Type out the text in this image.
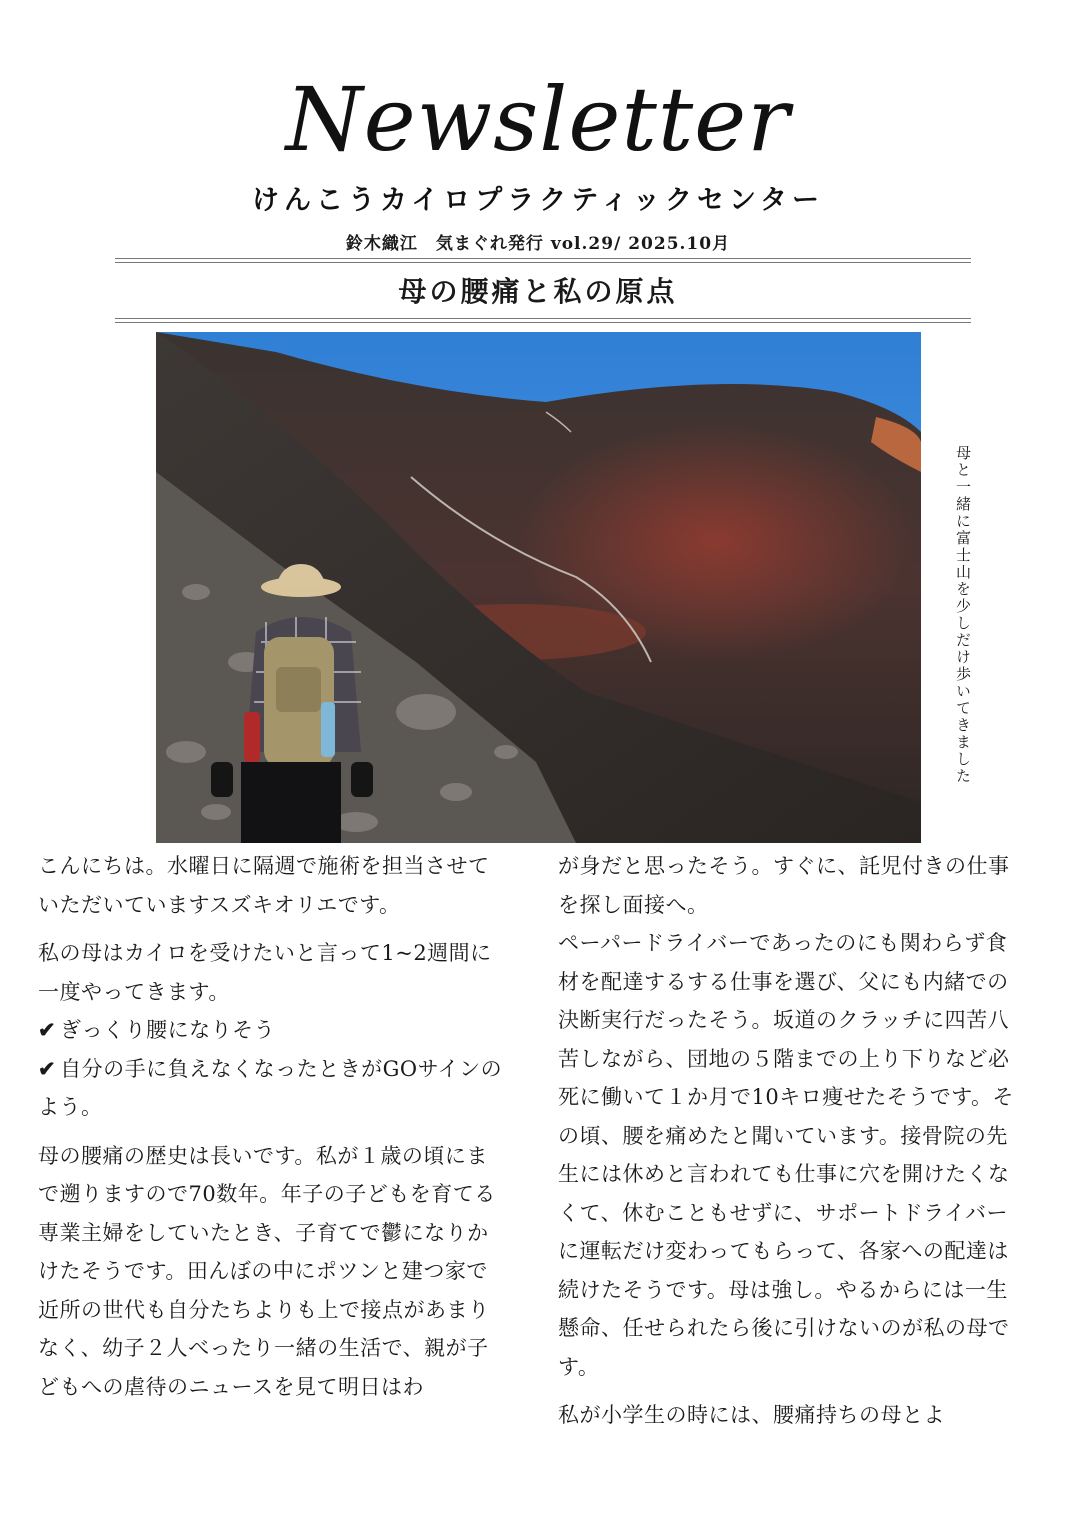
Newsletter
けんこうカイロプラクティックセンター
鈴木織江　気まぐれ発行 vol.29/ 2025.10月
母の腰痛と私の原点
母と一緒に富士山を少しだけ歩いてきました

こんにちは。水曜日に隔週で施術を担当させていただいていますスズキオリエです。

私の母はカイロを受けたいと言って1~2週間に一度やってきます。
✔ ぎっくり腰になりそう
✔ 自分の手に負えなくなったときがGOサインのよう。

母の腰痛の歴史は長いです。私が１歳の頃にまで遡りますので70数年。年子の子どもを育てる専業主婦をしていたとき、子育てで鬱になりかけたそうです。田んぼの中にポツンと建つ家で近所の世代も自分たちよりも上で接点があまりなく、幼子２人べったり一緒の生活で、親が子どもへの虐待のニュースを見て明日はわ

が身だと思ったそう。すぐに、託児付きの仕事を探し面接へ。

ペーパードライバーであったのにも関わらず食材を配達するする仕事を選び、父にも内緒での決断実行だったそう。坂道のクラッチに四苦八苦しながら、団地の５階までの上り下りなど必死に働いて１か月で10キロ痩せたそうです。その頃、腰を痛めたと聞いています。接骨院の先生には休めと言われても仕事に穴を開けたくなくて、休むこともせずに、サポートドライバーに運転だけ変わってもらって、各家への配達は続けたそうです。母は強し。やるからには一生懸命、任せられたら後に引けないのが私の母です。

私が小学生の時には、腰痛持ちの母とよ
